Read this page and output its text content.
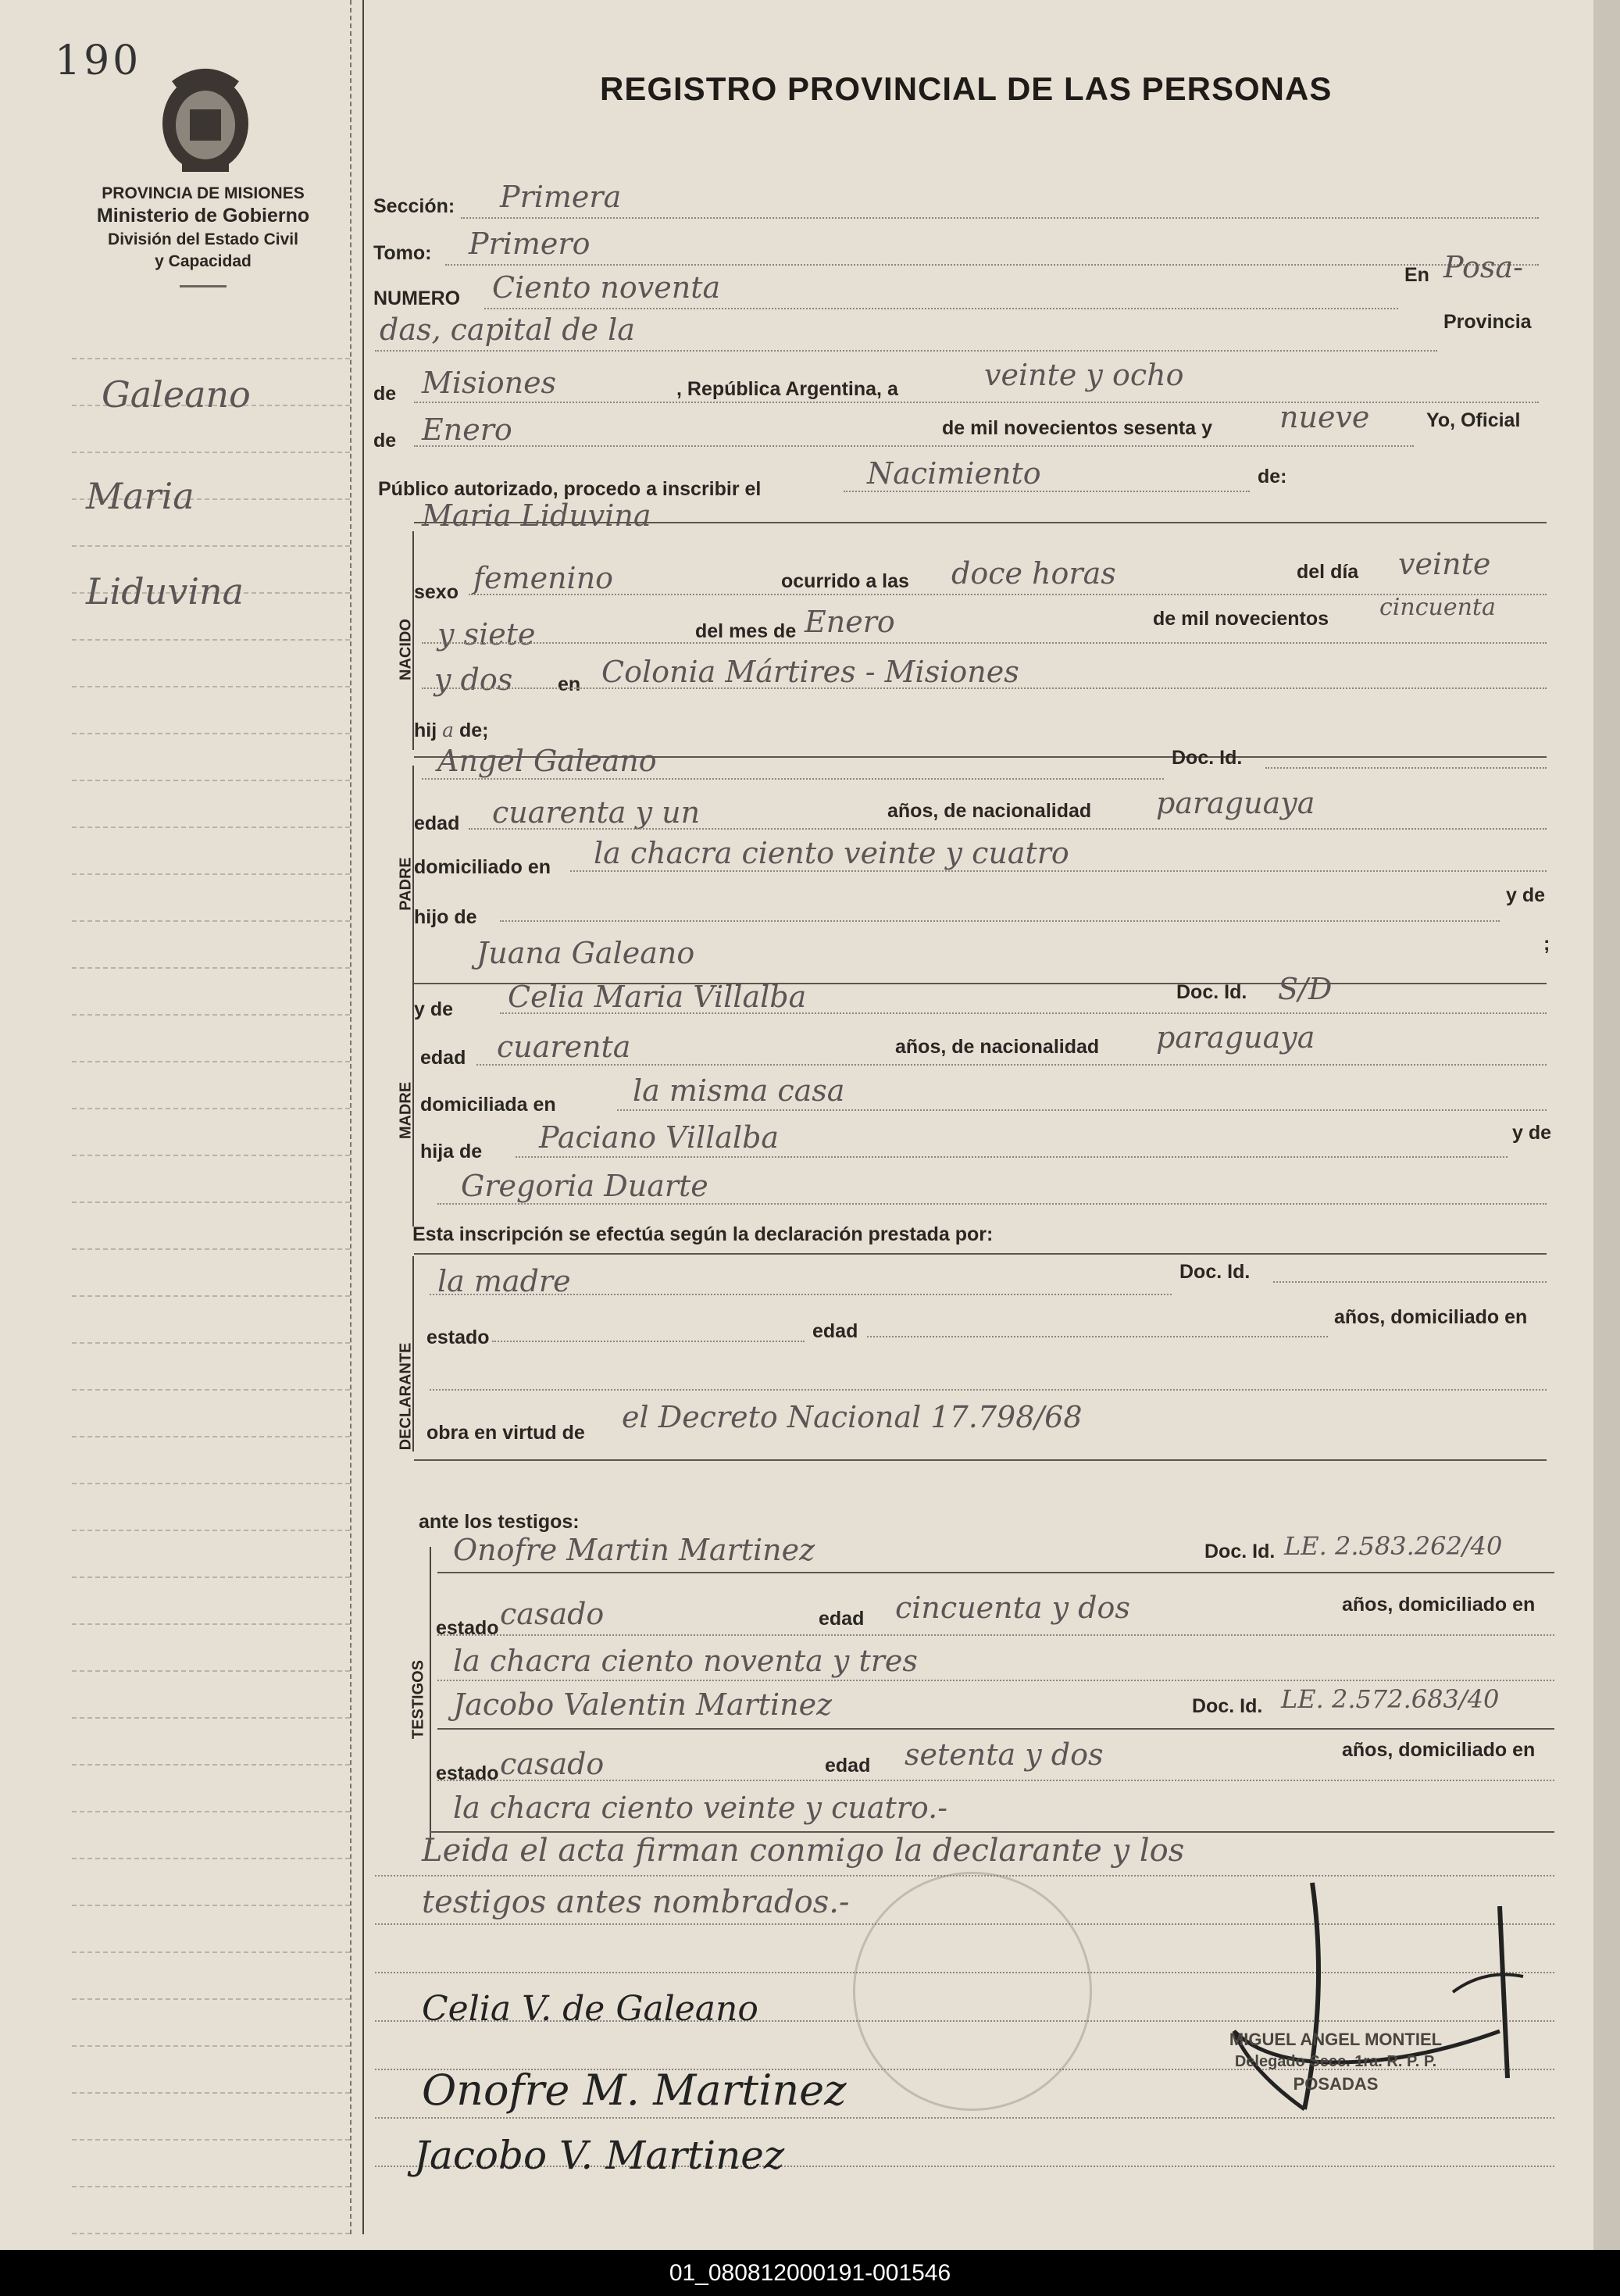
190
REGISTRO PROVINCIAL DE LAS PERSONAS
PROVINCIA DE MISIONES
Ministerio de Gobierno
División del Estado Civil
y Capacidad
Galeano
Maria
Liduvina
Sección: Primera
Tomo: Primero
NUMERO Ciento noventa	En Posa-
das, capital de la	Provincia
de Misiones	, República Argentina, a	veinte y ocho
de Enero	de mil novecientos sesenta y nueve	Yo, Oficial
Público autorizado, procedo a inscribir el	Nacimiento	de:
Maria Liduvina
NACIDO
sexo femenino	ocurrido a las doce horas	del día veinte
y siete	del mes de Enero	de mil novecientos cincuenta
y dos en Colonia Mártires - Misiones
hij a de;
PADRE
Angel Galeano	Doc. Id.
edad cuarenta y un	años, de nacionalidad paraguaya
domiciliado en la chacra ciento veinte y cuatro
hijo de
y de
Juana Galeano	;
MADRE
y de Celia Maria Villalba	Doc. Id. S/D
edad cuarenta	años, de nacionalidad paraguaya
domiciliada en	la misma casa
hija de Paciano Villalba	y de
Gregoria Duarte
Esta inscripción se efectúa según la declaración prestada por:
DECLARANTE
la madre	Doc. Id.
estado	edad
años, domiciliado en
obra en virtud de el Decreto Nacional 17.798/68
ante los testigos:
TESTIGOS
Onofre Martin Martinez	Doc. Id. LE. 2.583.262/40
estado casado	edad cincuenta y dos	años, domiciliado en
la chacra ciento noventa y tres
Jacobo Valentin Martinez	Doc. Id. LE. 2.572.683/40
estado casado	edad setenta y dos	años, domiciliado en
la chacra ciento veinte y cuatro.-
Leida el acta firman conmigo la declarante y los
testigos antes nombrados.-
Celia V. de Galeano
Onofre M. Martinez
Jacobo V. Martinez
MIGUEL ANGEL MONTIEL
Delegado Secc. 1ra. R. P. P.
POSADAS
01_080812000191-001546
